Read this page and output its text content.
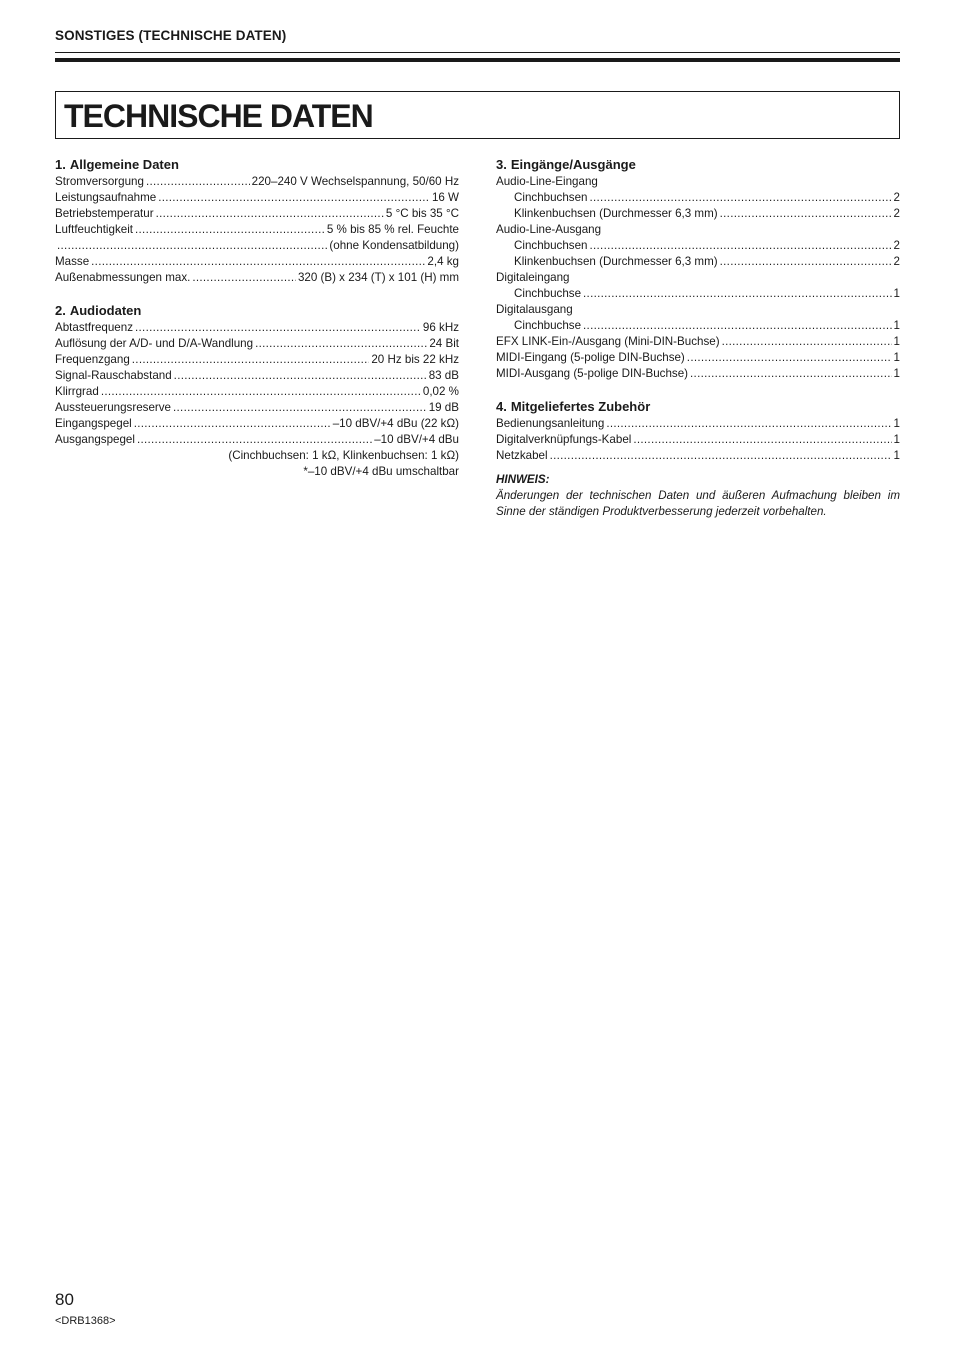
SONSTIGES (TECHNISCHE DATEN)
TECHNISCHE DATEN
1. Allgemeine Daten
Stromversorgung .....	220–240 V Wechselspannung, 50/60 Hz
Leistungsaufnahme .....	16 W
Betriebstemperatur .....	5 °C bis 35 °C
Luftfeuchtigkeit .....	5 % bis 85 % rel. Feuchte
.....
(ohne Kondensatbildung)
Masse .....	2,4 kg
Außenabmessungen max. .....	320 (B) x 234 (T) x 101 (H) mm
2. Audiodaten
Abtastfrequenz .....	96 kHz
Auflösung der A/D- und D/A-Wandlung .....	24 Bit
Frequenzgang .....	20 Hz bis 22 kHz
Signal-Rauschabstand .....	83 dB
Klirrgrad .....	0,02 %
Aussteuerungsreserve .....	19 dB
Eingangspegel .....	–10 dBV/+4 dBu (22 kΩ)
Ausgangspegel .....	–10 dBV/+4 dBu
(Cinchbuchsen: 1 kΩ, Klinkenbuchsen: 1 kΩ)
*–10 dBV/+4 dBu umschaltbar
3. Eingänge/Ausgänge
Audio-Line-Eingang
Cinchbuchsen .....	2
Klinkenbuchsen (Durchmesser 6,3 mm) .....	2
Audio-Line-Ausgang
Cinchbuchsen .....	2
Klinkenbuchsen (Durchmesser 6,3 mm) .....	2
Digitaleingang
Cinchbuchse .....	1
Digitalausgang
Cinchbuchse .....	1
EFX LINK-Ein-/Ausgang (Mini-DIN-Buchse) .....	1
MIDI-Eingang (5-polige DIN-Buchse) .....	1
MIDI-Ausgang (5-polige DIN-Buchse) .....	1
4. Mitgeliefertes Zubehör
Bedienungsanleitung .....	1
Digitalverknüpfungs-Kabel .....	1
Netzkabel .....	1
HINWEIS:
Änderungen der technischen Daten und äußeren Aufmachung bleiben im Sinne der ständigen Produktverbesserung jederzeit vorbehalten.
80
<DRB1368>
